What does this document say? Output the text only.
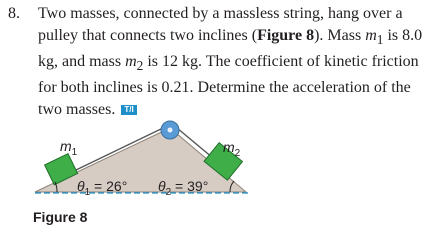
8. Two masses, connected by a massless string, hang over a pulley that connects two inclines (Figure 8). Mass $m_1$ is 8.0 kg, and mass $m_2$ is 12 kg. The coefficient of kinetic friction for both inclines is 0.21. Determine the acceleration of the two masses. T/I
$m_1$	$m_2$
$\theta_1 = 26^\circ$ $\theta_2 = 39^\circ$
Figure 8
